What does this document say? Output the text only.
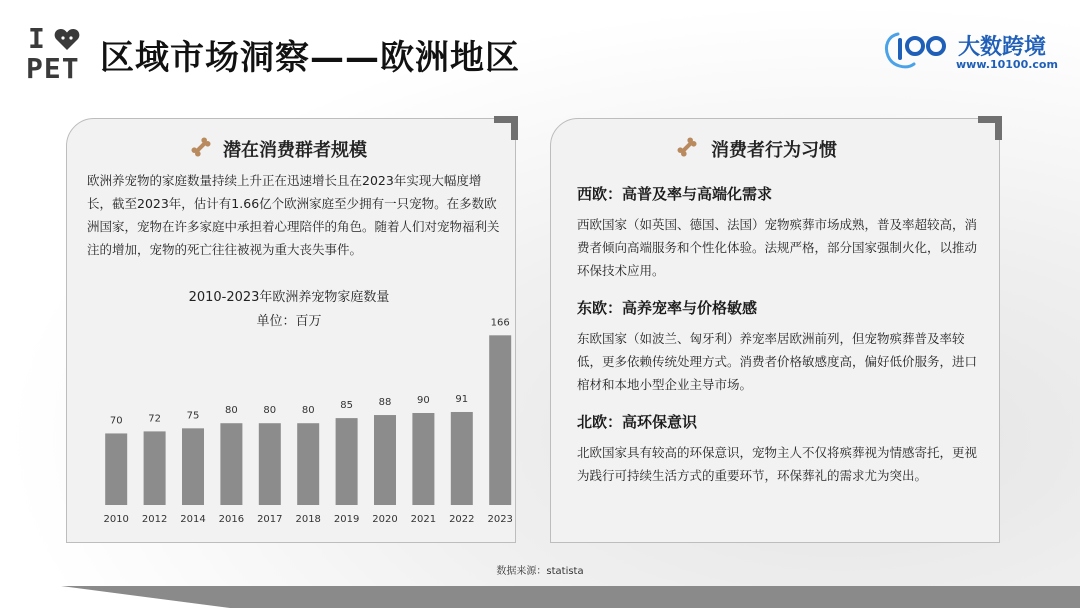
I
PET 区域市场洞察——欧洲地区	大数跨境
www.10100.com
潜在消费群者规模

欧洲养宠物的家庭数量持续上升正在迅速增长且在2023年实现大幅度增长，截至2023年，估计有1.66亿个欧洲家庭至少拥有一只宠物。在多数欧洲国家，宠物在许多家庭中承担着心理陪伴的角色。随着人们对宠物福利关注的增加，宠物的死亡往往被视为重大丧失事件。

2010-2023年欧洲养宠物家庭数量
单位：百万
70
2010
72
2012
75
2014
80
2016
80
2017
80
2018
85
2019
88
2020
90
2021
91
2022
166
2023
消费者行为习惯
西欧：高普及率与高端化需求

西欧国家（如英国、德国、法国）宠物殡葬市场成熟，普及率超较高，消费者倾向高端服务和个性化体验。法规严格，部分国家强制火化，以推动环保技术应用。

东欧：高养宠率与价格敏感

东欧国家（如波兰、匈牙利）养宠率居欧洲前列，但宠物殡葬普及率较低，更多依赖传统处理方式。消费者价格敏感度高，偏好低价服务，进口棺材和本地小型企业主导市场。

北欧：高环保意识

北欧国家具有较高的环保意识，宠物主人不仅将殡葬视为情感寄托，更视为践行可持续生活方式的重要环节，环保葬礼的需求尤为突出。

数据来源：statista
